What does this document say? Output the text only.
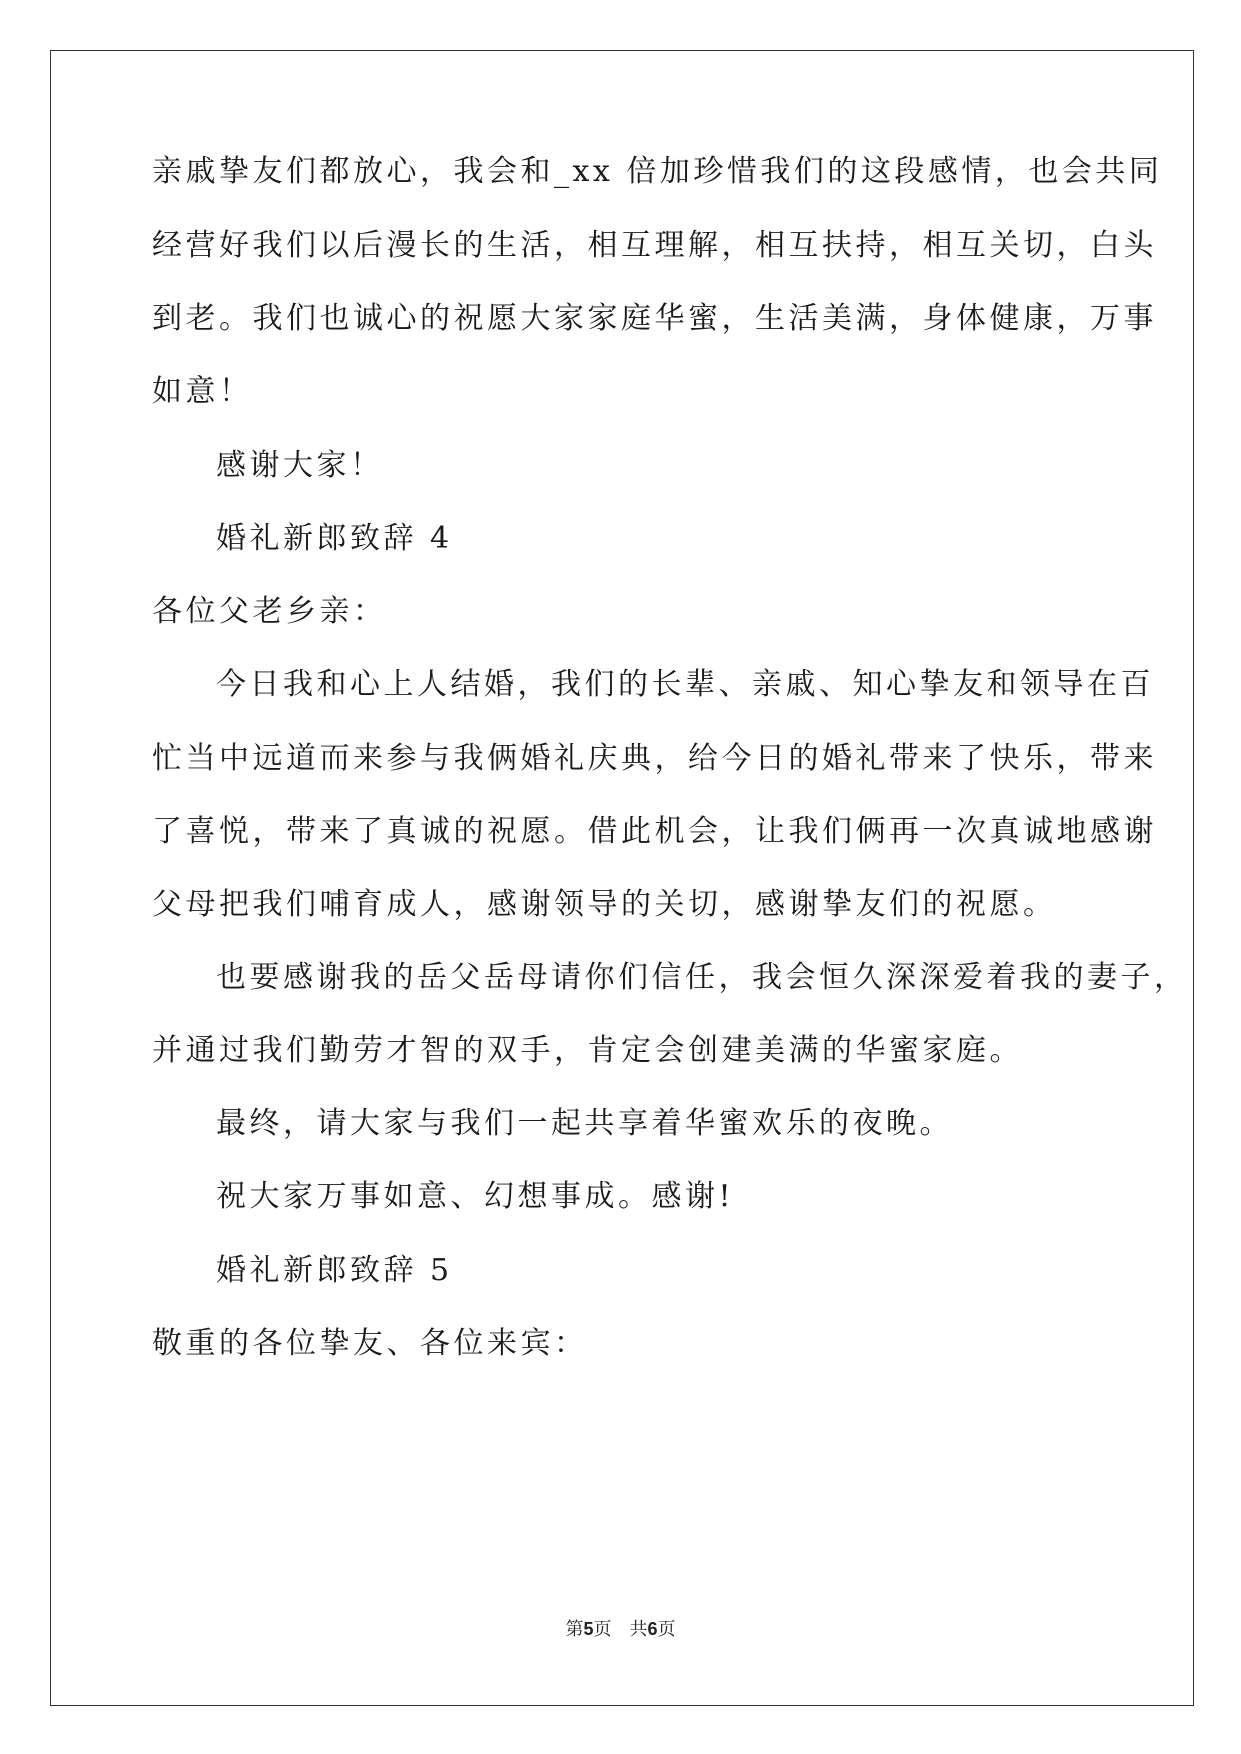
亲戚挚友们都放心，我会和_xx 倍加珍惜我们的这段感情，也会共同
经营好我们以后漫长的生活，相互理解，相互扶持，相互关切，白头
到老。我们也诚心的祝愿大家家庭华蜜，生活美满，身体健康，万事
如意！
感谢大家！
婚礼新郎致辞 4
各位父老乡亲：
今日我和心上人结婚，我们的长辈、亲戚、知心挚友和领导在百
忙当中远道而来参与我俩婚礼庆典，给今日的婚礼带来了快乐，带来
了喜悦，带来了真诚的祝愿。借此机会，让我们俩再一次真诚地感谢
父母把我们哺育成人，感谢领导的关切，感谢挚友们的祝愿。
也要感谢我的岳父岳母请你们信任，我会恒久深深爱着我的妻子，
并通过我们勤劳才智的双手，肯定会创建美满的华蜜家庭。
最终，请大家与我们一起共享着华蜜欢乐的夜晚。
祝大家万事如意、幻想事成。感谢!
婚礼新郎致辞 5
敬重的各位挚友、各位来宾：
第5页　共6页
